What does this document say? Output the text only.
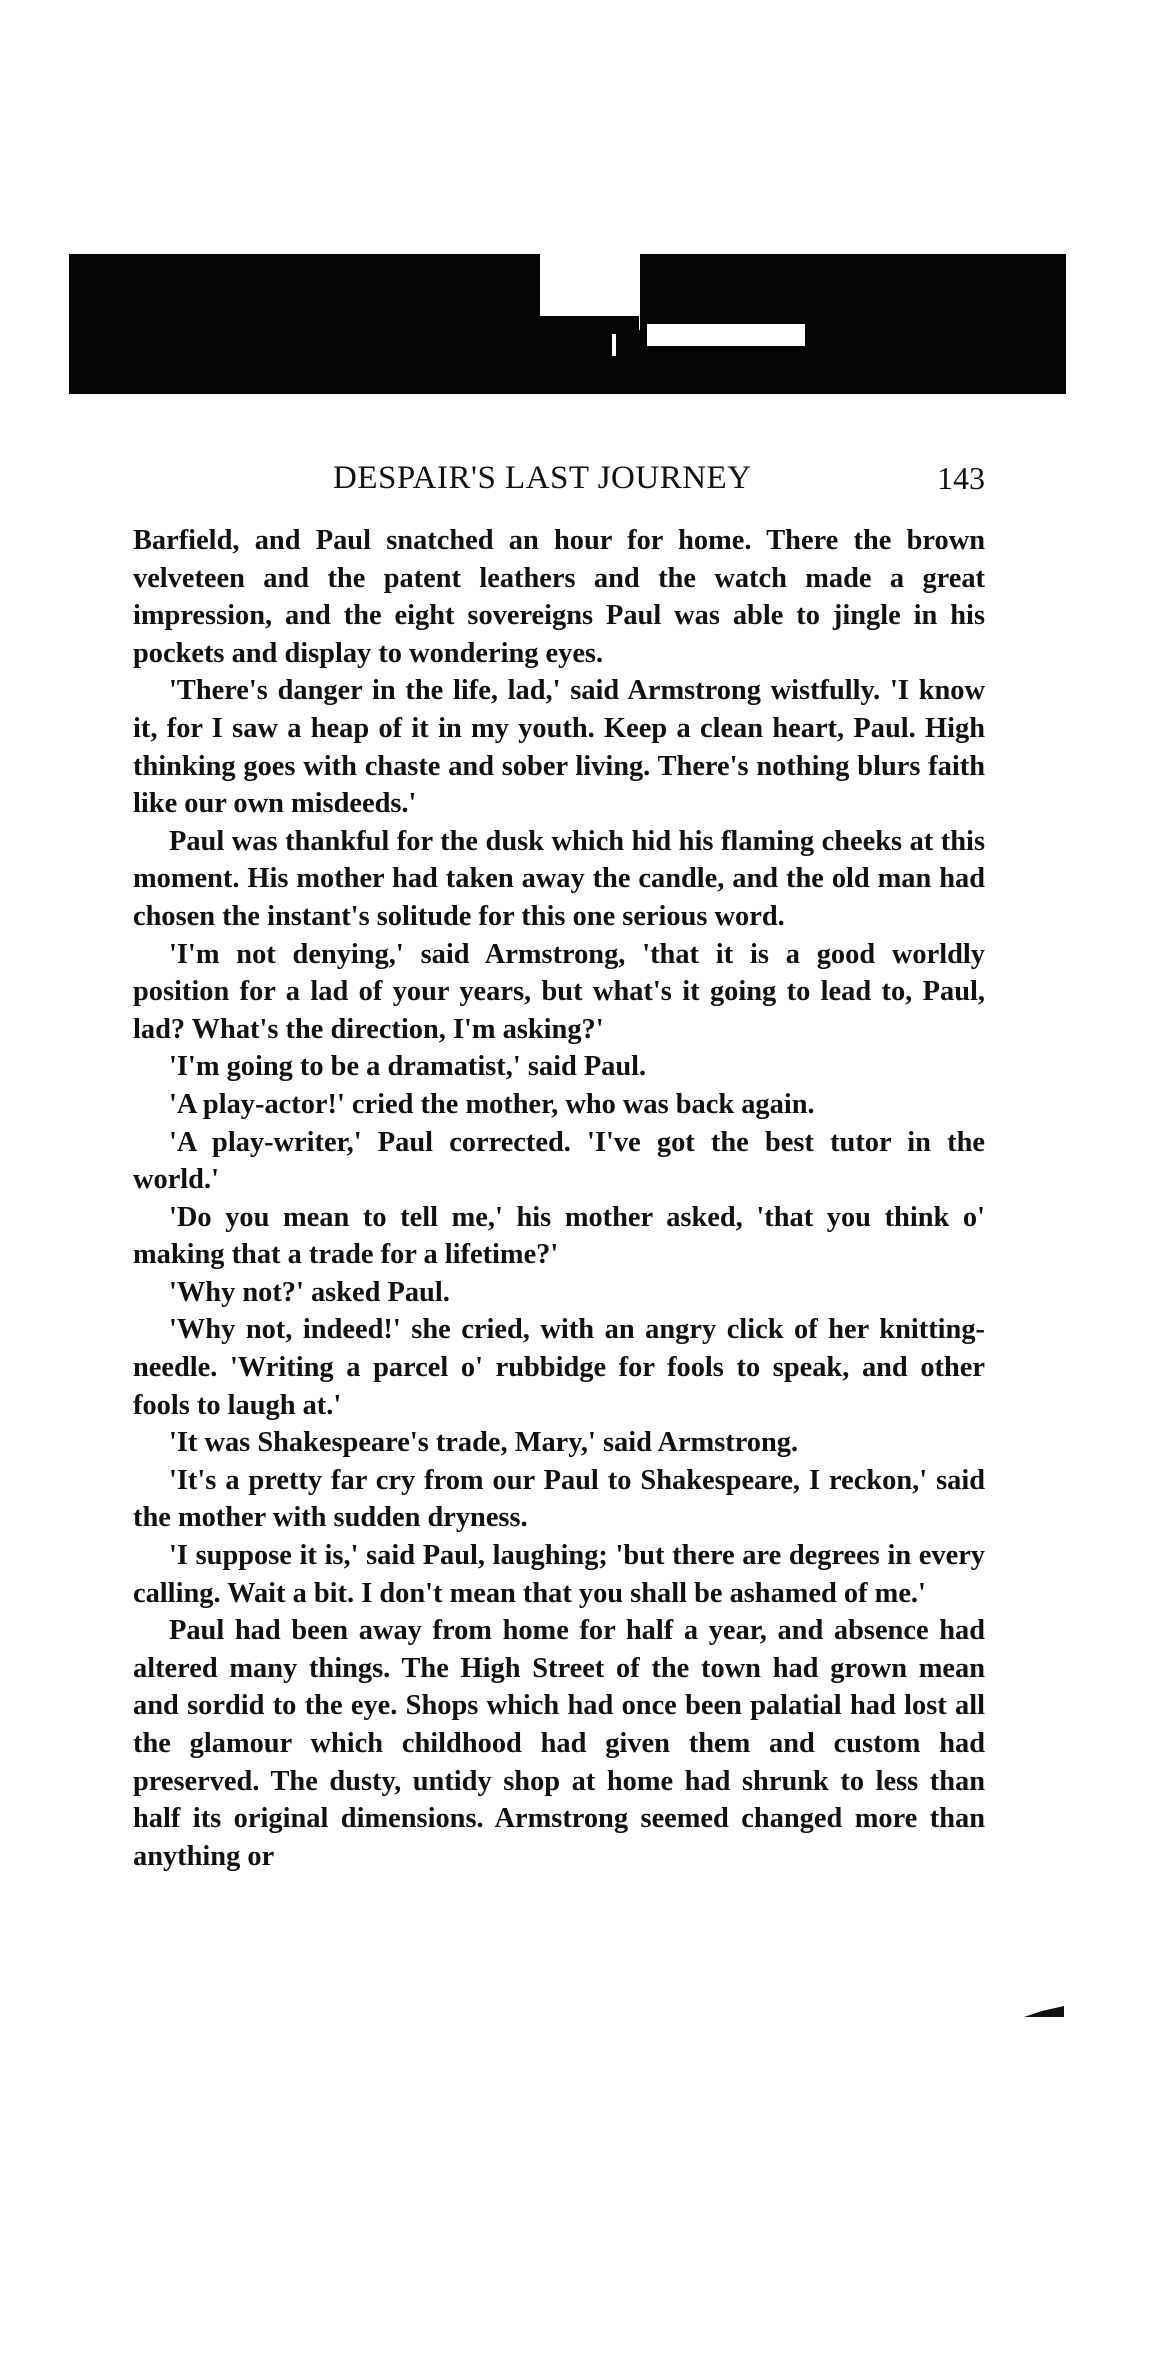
DESPAIR'S LAST JOURNEY	143

Barfield, and Paul snatched an hour for home. There the brown velveteen and the patent leathers and the watch made a great impression, and the eight sovereigns Paul was able to jingle in his pockets and display to wondering eyes.

'There's danger in the life, lad,' said Armstrong wistfully. 'I know it, for I saw a heap of it in my youth. Keep a clean heart, Paul. High thinking goes with chaste and sober living. There's nothing blurs faith like our own misdeeds.'

Paul was thankful for the dusk which hid his flaming cheeks at this moment. His mother had taken away the candle, and the old man had chosen the instant's solitude for this one serious word.

'I'm not denying,' said Armstrong, 'that it is a good worldly position for a lad of your years, but what's it going to lead to, Paul, lad? What's the direction, I'm asking?'

'I'm going to be a dramatist,' said Paul.

'A play-actor!' cried the mother, who was back again.

'A play-writer,' Paul corrected. 'I've got the best tutor in the world.'

'Do you mean to tell me,' his mother asked, 'that you think o' making that a trade for a lifetime?'

'Why not?' asked Paul.

'Why not, indeed!' she cried, with an angry click of her knitting-needle. 'Writing a parcel o' rubbidge for fools to speak, and other fools to laugh at.'

'It was Shakespeare's trade, Mary,' said Armstrong.

'It's a pretty far cry from our Paul to Shakespeare, I reckon,' said the mother with sudden dryness.

'I suppose it is,' said Paul, laughing; 'but there are degrees in every calling. Wait a bit. I don't mean that you shall be ashamed of me.'

Paul had been away from home for half a year, and absence had altered many things. The High Street of the town had grown mean and sordid to the eye. Shops which had once been palatial had lost all the glamour which childhood had given them and custom had preserved. The dusty, untidy shop at home had shrunk to less than half its original dimensions. Armstrong seemed changed more than anything or
